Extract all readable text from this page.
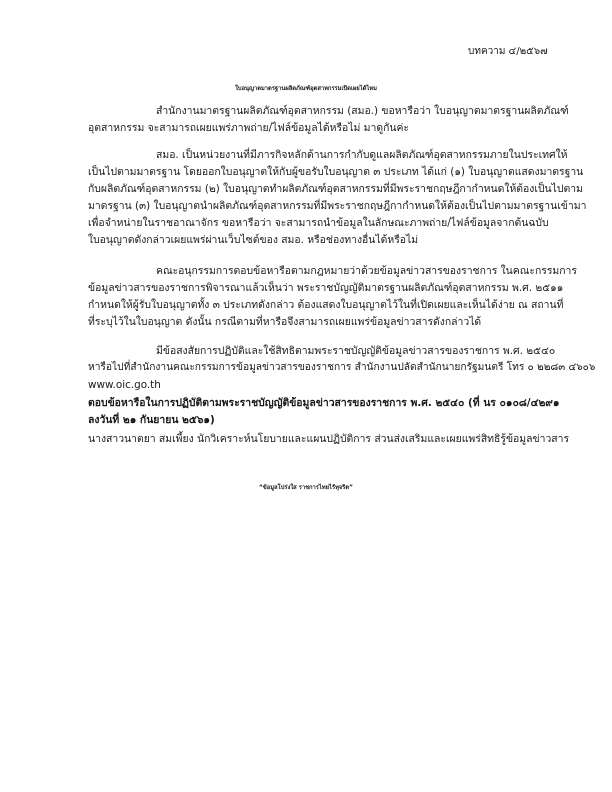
บทความ ๔/๒๕๖๗
ใบอนุญาตมาตรฐานผลิตภัณฑ์อุตสาหกรรมเปิดเผยได้ไหม
สำนักงานมาตรฐานผลิตภัณฑ์อุตสาหกรรม (สมอ.) ขอหารือว่า ใบอนุญาตมาตรฐานผลิตภัณฑ์
อุตสาหกรรม จะสามารถเผยแพร่ภาพถ่าย/ไฟล์ข้อมูลได้หรือไม่ มาดูกันค่ะ
สมอ. เป็นหน่วยงานที่มีภารกิจหลักด้านการกำกับดูแลผลิตภัณฑ์อุตสาหกรรมภายในประเทศให้
เป็นไปตามมาตรฐาน โดยออกใบอนุญาตให้กับผู้ขอรับใบอนุญาต ๓ ประเภท ได้แก่ (๑) ใบอนุญาตแสดงมาตรฐาน
กับผลิตภัณฑ์อุตสาหกรรม (๒) ใบอนุญาตทำผลิตภัณฑ์อุตสาหกรรมที่มีพระราชกฤษฎีกากำหนดให้ต้องเป็นไปตาม
มาตรฐาน (๓) ใบอนุญาตนำผลิตภัณฑ์อุตสาหกรรมที่มีพระราชกฤษฎีกากำหนดให้ต้องเป็นไปตามมาตรฐานเข้ามา
เพื่อจำหน่ายในราชอาณาจักร ขอหารือว่า จะสามารถนำข้อมูลในลักษณะภาพถ่าย/ไฟล์ข้อมูลจากต้นฉบับ
ใบอนุญาตดังกล่าวเผยแพร่ผ่านเว็บไซต์ของ สมอ. หรือช่องทางอื่นได้หรือไม่
คณะอนุกรรมการตอบข้อหารือตามกฎหมายว่าด้วยข้อมูลข่าวสารของราชการ ในคณะกรรมการ
ข้อมูลข่าวสารของราชการพิจารณาแล้วเห็นว่า พระราชบัญญัติมาตรฐานผลิตภัณฑ์อุตสาหกรรม พ.ศ. ๒๕๑๑
กำหนดให้ผู้รับใบอนุญาตทั้ง ๓ ประเภทดังกล่าว ต้องแสดงใบอนุญาตไว้ในที่เปิดเผยและเห็นได้ง่าย ณ สถานที่
ที่ระบุไว้ในใบอนุญาต ดังนั้น กรณีตามที่หารือจึงสามารถเผยแพร่ข้อมูลข่าวสารดังกล่าวได้
มีข้อสงสัยการปฏิบัติและใช้สิทธิตามพระราชบัญญัติข้อมูลข่าวสารของราชการ พ.ศ. ๒๕๔๐
หารือไปที่สำนักงานคณะกรรมการข้อมูลข่าวสารของราชการ สำนักงานปลัดสำนักนายกรัฐมนตรี โทร ๐ ๒๒๘๓ ๔๖๐๖
www.oic.go.th
ตอบข้อหารือในการปฏิบัติตามพระราชบัญญัติข้อมูลข่าวสารของราชการ พ.ศ. ๒๕๔๐ (ที่ นร ๐๑๐๘/๔๒๙๑
ลงวันที่ ๒๑ กันยายน ๒๕๖๑)
นางสาวนาตยา สมเพี้ยง นักวิเคราะห์นโยบายและแผนปฏิบัติการ ส่วนส่งเสริมและเผยแพร่สิทธิรู้ข้อมูลข่าวสาร
“ข้อมูลโปร่งใส ราชการไทยไร้ทุจริต”
